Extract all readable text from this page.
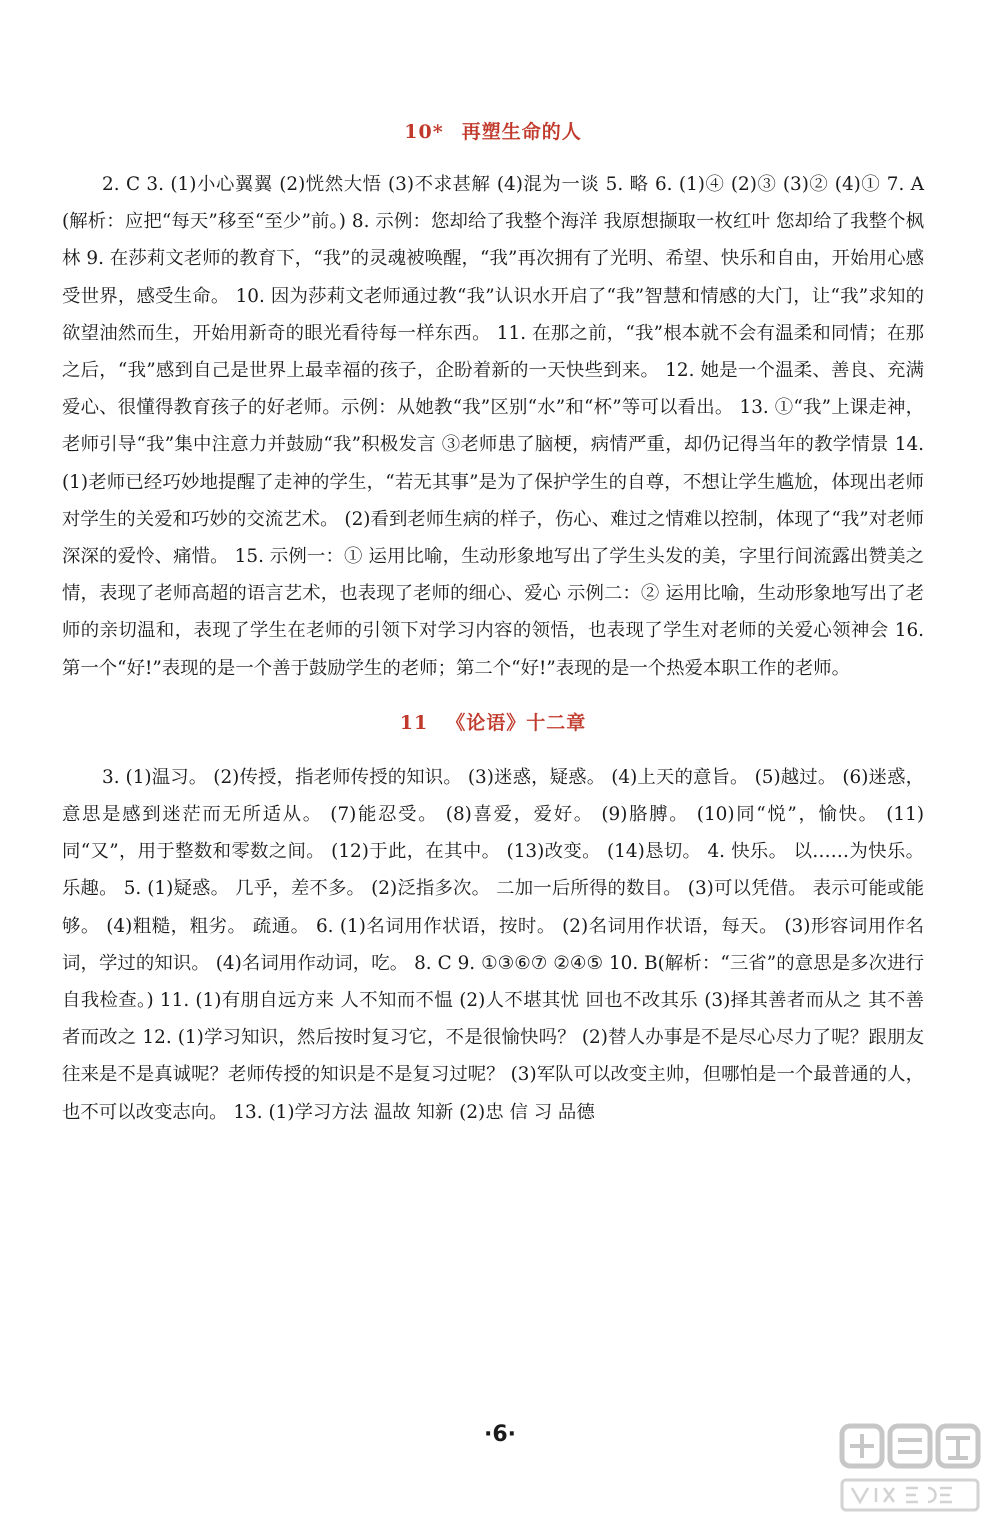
10* 再塑生命的人

2. C 3. (1)小心翼翼 (2)恍然大悟 (3)不求甚解 (4)混为一谈 5. 略 6. (1)④ (2)③ (3)② (4)① 7. A(解析：应把“每天”移至“至少”前。) 8. 示例：您却给了我整个海洋 我原想撷取一枚红叶 您却给了我整个枫林 9. 在莎莉文老师的教育下，“我”的灵魂被唤醒，“我”再次拥有了光明、希望、快乐和自由，开始用心感受世界，感受生命。 10. 因为莎莉文老师通过教“我”认识水开启了“我”智慧和情感的大门，让“我”求知的欲望油然而生，开始用新奇的眼光看待每一样东西。 11. 在那之前，“我”根本就不会有温柔和同情；在那之后，“我”感到自己是世界上最幸福的孩子，企盼着新的一天快些到来。 12. 她是一个温柔、善良、充满爱心、很懂得教育孩子的好老师。示例：从她教“我”区别“水”和“杯”等可以看出。 13. ①“我”上课走神，老师引导“我”集中注意力并鼓励“我”积极发言 ③老师患了脑梗，病情严重，却仍记得当年的教学情景 14. (1)老师已经巧妙地提醒了走神的学生，“若无其事”是为了保护学生的自尊，不想让学生尴尬，体现出老师对学生的关爱和巧妙的交流艺术。 (2)看到老师生病的样子，伤心、难过之情难以控制，体现了“我”对老师深深的爱怜、痛惜。 15. 示例一：① 运用比喻，生动形象地写出了学生头发的美，字里行间流露出赞美之情，表现了老师高超的语言艺术，也表现了老师的细心、爱心 示例二：② 运用比喻，生动形象地写出了老师的亲切温和，表现了学生在老师的引领下对学习内容的领悟，也表现了学生对老师的关爱心领神会 16. 第一个“好!”表现的是一个善于鼓励学生的老师；第二个“好!”表现的是一个热爱本职工作的老师。

11 《论语》十二章

3. (1)温习。 (2)传授，指老师传授的知识。 (3)迷惑，疑惑。 (4)上天的意旨。 (5)越过。 (6)迷惑，意思是感到迷茫而无所适从。 (7)能忍受。 (8)喜爱，爱好。 (9)胳膊。 (10)同“悦”，愉快。 (11)同“又”，用于整数和零数之间。 (12)于此，在其中。 (13)改变。 (14)恳切。 4. 快乐。 以……为快乐。 乐趣。 5. (1)疑惑。 几乎，差不多。 (2)泛指多次。 二加一后所得的数目。 (3)可以凭借。 表示可能或能够。 (4)粗糙，粗劣。 疏通。 6. (1)名词用作状语，按时。 (2)名词用作状语，每天。 (3)形容词用作名词，学过的知识。 (4)名词用作动词，吃。 8. C 9. ①③⑥⑦ ②④⑤ 10. B(解析：“三省”的意思是多次进行自我检查。) 11. (1)有朋自远方来 人不知而不愠 (2)人不堪其忧 回也不改其乐 (3)择其善者而从之 其不善者而改之 12. (1)学习知识，然后按时复习它，不是很愉快吗？ (2)替人办事是不是尽心尽力了呢？跟朋友往来是不是真诚呢？老师传授的知识是不是复习过呢？ (3)军队可以改变主帅，但哪怕是一个最普通的人，也不可以改变志向。 13. (1)学习方法 温故 知新 (2)忠 信 习 品德

·6·
